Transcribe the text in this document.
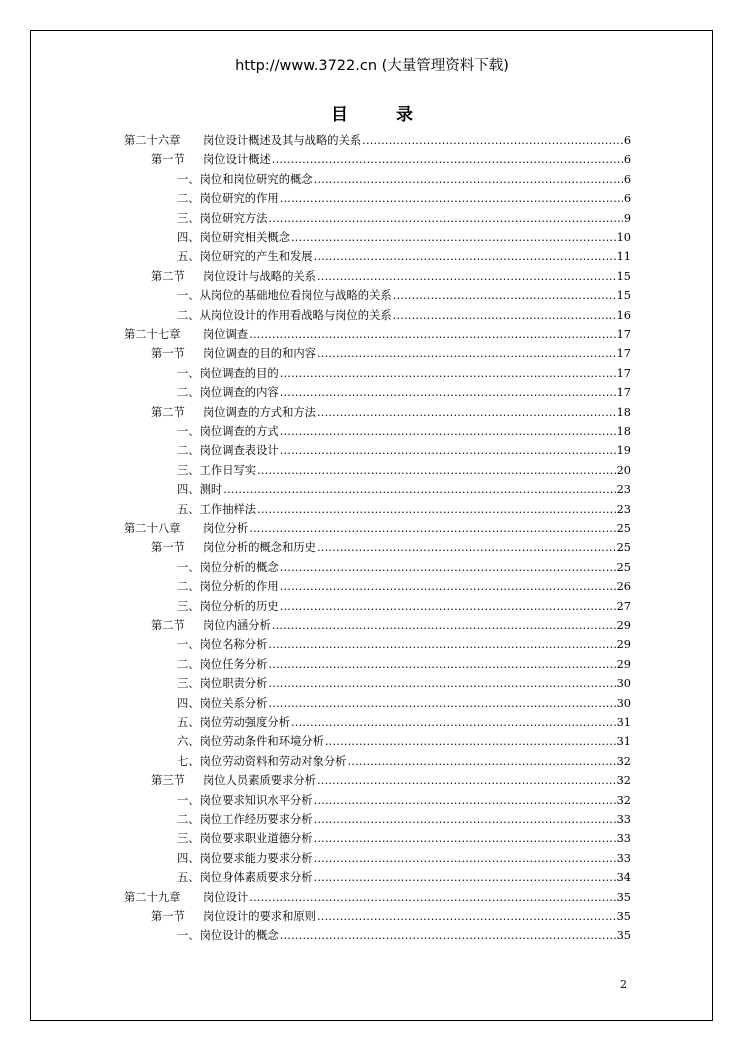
http://www.3722.cn (大量管理资料下载)
目	录
第二十六章	岗位设计概述及其与战略的关系 .....	6
第一节	岗位设计概述 .....	6
一、 岗位和岗位研究的概念 .....	6
二、 岗位研究的作用 .....	6
三、 岗位研究方法 .....	9
四、 岗位研究相关概念 .....	10
五、 岗位研究的产生和发展 .....	11
第二节	岗位设计与战略的关系 .....	15
一、 从岗位的基础地位看岗位与战略的关系 .....	15
二、 从岗位设计的作用看战略与岗位的关系 .....	16
第二十七章	岗位调查 .....	17
第一节	岗位调查的目的和内容 .....	17
一、 岗位调查的目的 .....	17
二、 岗位调查的内容 .....	17
第二节	岗位调查的方式和方法 .....	18
一、 岗位调查的方式 .....	18
二、 岗位调查表设计 .....	19
三、 工作日写实 .....	20
四、 测时 .....	23
五、 工作抽样法 .....	23
第二十八章	岗位分析 .....	25
第一节	岗位分析的概念和历史 .....	25
一、 岗位分析的概念 .....	25
二、 岗位分析的作用 .....	26
三、 岗位分析的历史 .....	27
第二节	岗位内涵分析 .....	29
一、 岗位名称分析 .....	29
二、 岗位任务分析 .....	29
三、 岗位职责分析 .....	30
四、 岗位关系分析 .....	30
五、 岗位劳动强度分析 .....	31
六、 岗位劳动条件和环境分析 .....	31
七、 岗位劳动资料和劳动对象分析 .....	32
第三节	岗位人员素质要求分析 .....	32
一、 岗位要求知识水平分析 .....	32
二、 岗位工作经历要求分析 .....	33
三、 岗位要求职业道德分析 .....	33
四、 岗位要求能力要求分析 .....	33
五、 岗位身体素质要求分析 .....	34
第二十九章	岗位设计 .....	35
第一节	岗位设计的要求和原则 .....	35
一、 岗位设计的概念 .....	35
2
